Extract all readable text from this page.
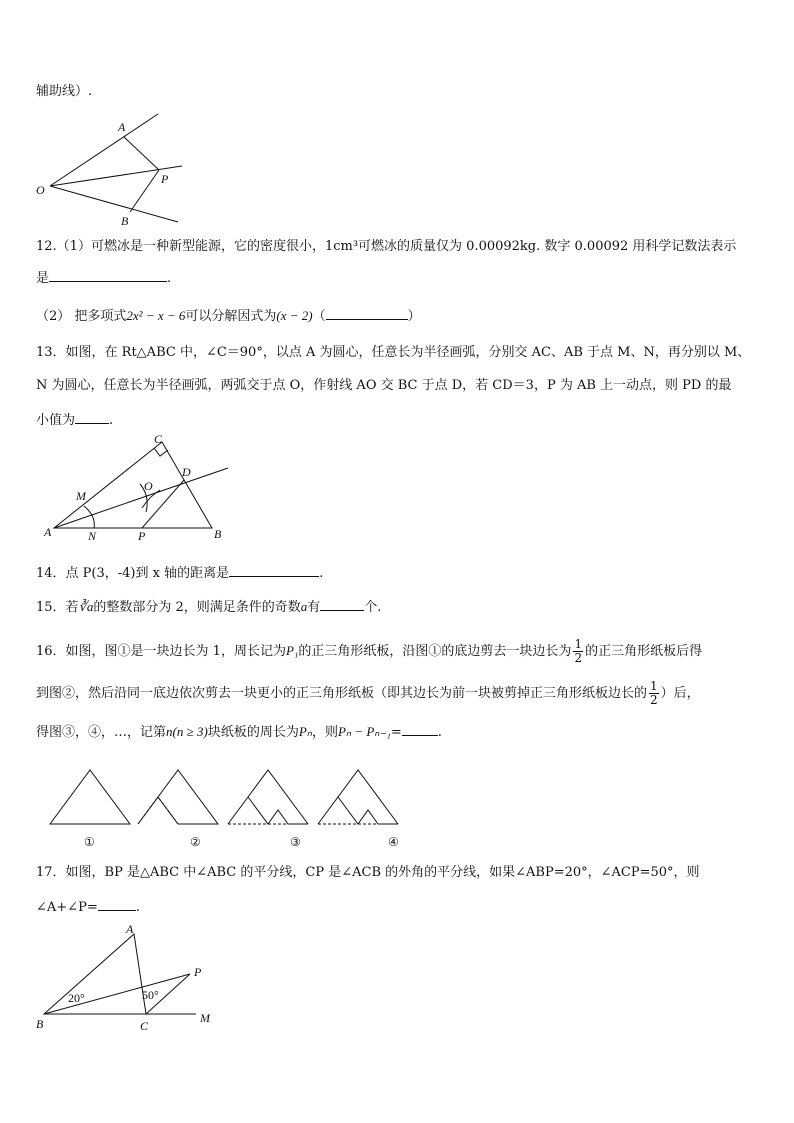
辅助线）.
A
O
P
B
12.（1）可燃冰是一种新型能源，它的密度很小，1cm³可燃冰的质量仅为 0.00092kg. 数字 0.00092 用科学记数法表示
是	.
（2） 把多项式2x² − x − 6可以分解因式为(x − 2)（	）
13．如图，在 Rt△ABC 中，∠C＝90°，以点 A 为圆心，任意长为半径画弧，分别交 AC、AB 于点 M、N，再分别以 M、
N 为圆心，任意长为半径画弧，两弧交于点 O，作射线 AO 交 BC 于点 D，若 CD＝3，P 为 AB 上一动点，则 PD 的最
小值为	.
C
D
M
O
A	N	P	B
14．点 P(3，-4)到 x 轴的距离是	.
15．若∛a的整数部分为 2，则满足条件的奇数a有	个.
16．如图，图①是一块边长为 1，周长记为P₁的正三角形纸板，沿图①的底边剪去一块边长为 $\frac{1}{2}$ 的正三角形纸板后得
到图②，然后沿同一底边依次剪去一块更小的正三角形纸板（即其边长为前一块被剪掉正三角形纸板边长的 $\frac{1}{2}$ ）后，
得图③，④，…，记第n(n ≥ 3)块纸板的周长为Pₙ，则Pₙ − Pₙ₋₁=	.
①	②	③	④
17．如图，BP 是△ABC 中∠ABC 的平分线，CP 是∠ACB 的外角的平分线，如果∠ABP=20°，∠ACP=50°，则
∠A+∠P=	.
A
P
B	C
M
20°	50°
